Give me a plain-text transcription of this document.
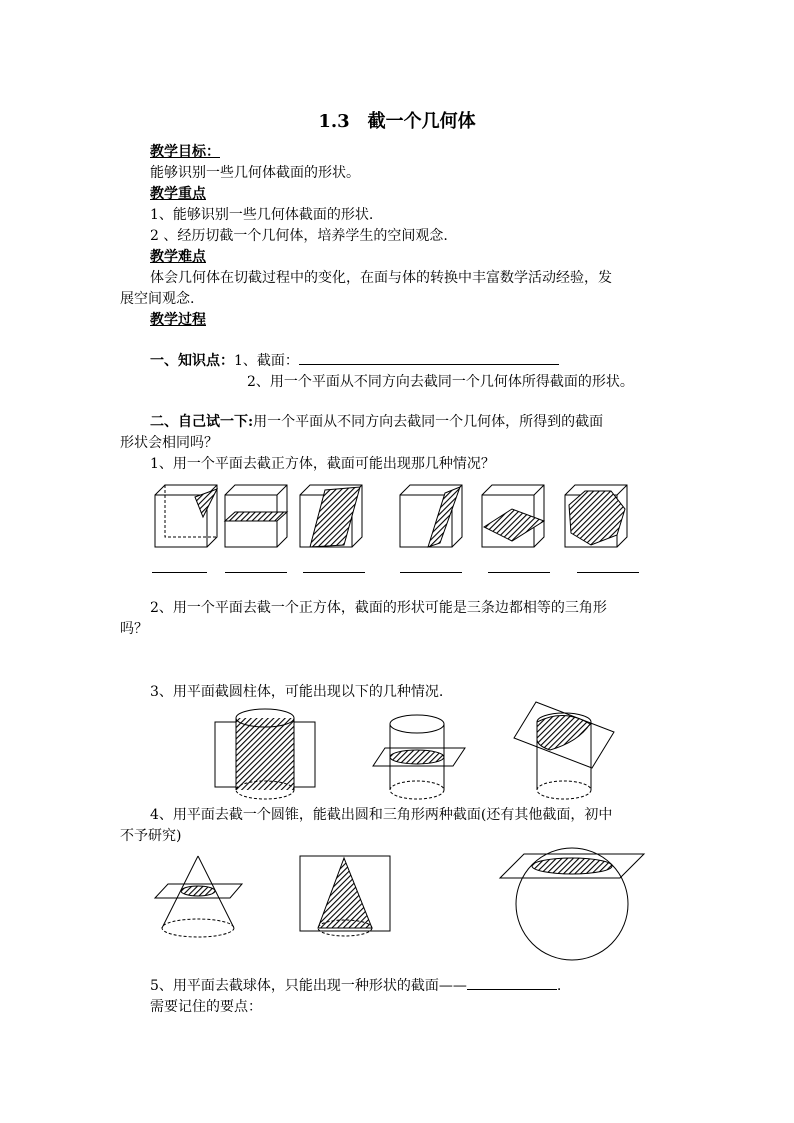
1.3　截一个几何体
教学目标：
能够识别一些几何体截面的形状。
教学重点
1、能够识别一些几何体截面的形状.
2 、经历切截一个几何体，培养学生的空间观念.
教学难点
体会几何体在切截过程中的变化，在面与体的转换中丰富数学活动经验，发
展空间观念.
教学过程
一、知识点：1、截面：
2、用一个平面从不同方向去截同一个几何体所得截面的形状。
二、自己试一下:用一个平面从不同方向去截同一个几何体，所得到的截面
形状会相同吗？
1、用一个平面去截正方体，截面可能出现那几种情况？
2、用一个平面去截一个正方体，截面的形状可能是三条边都相等的三角形
吗？
3、用平面截圆柱体，可能出现以下的几种情况.
4、用平面去截一个圆锥，能截出圆和三角形两种截面(还有其他截面，初中
不予研究)
5、用平面去截球体，只能出现一种形状的截面——	.
需要记住的要点：
